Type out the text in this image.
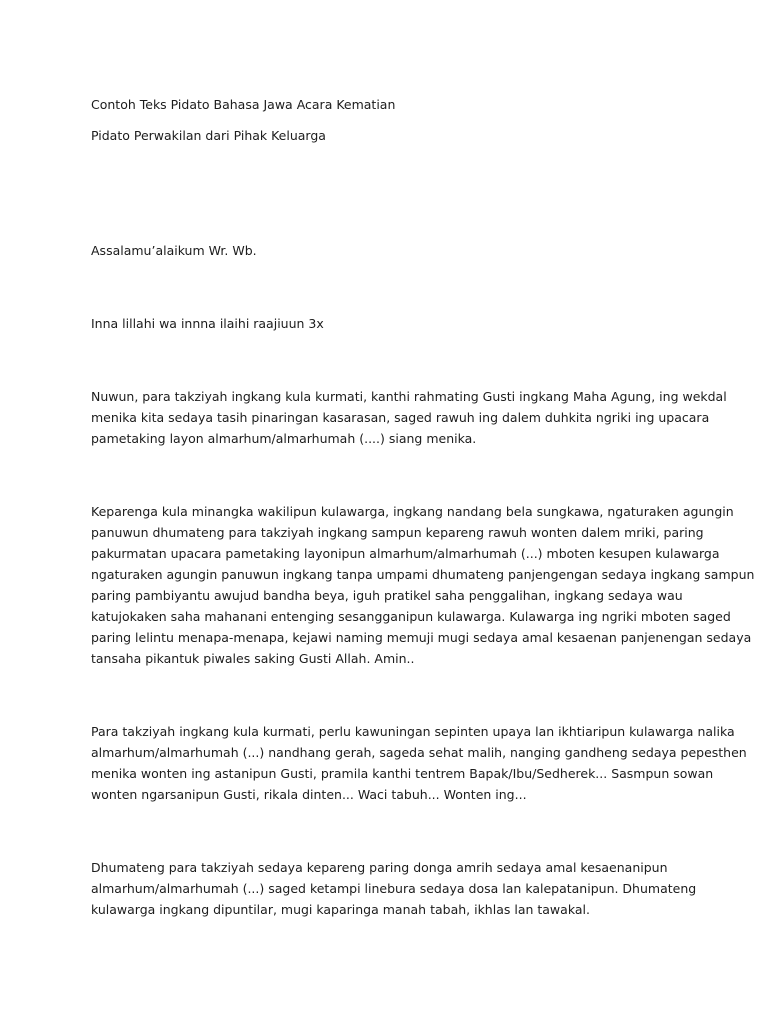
Contoh Teks Pidato Bahasa Jawa Acara Kematian

Pidato Perwakilan dari Pihak Keluarga

Assalamu’alaikum Wr. Wb.

Inna lillahi wa innna ilaihi raajiuun 3x

Nuwun, para takziyah ingkang kula kurmati, kanthi rahmating Gusti ingkang Maha Agung, ing wekdal
menika kita sedaya tasih pinaringan kasarasan, saged rawuh ing dalem duhkita ngriki ing upacara
pametaking layon almarhum/almarhumah (....) siang menika.

Keparenga kula minangka wakilipun kulawarga, ingkang nandang bela sungkawa, ngaturaken agungin
panuwun dhumateng para takziyah ingkang sampun kepareng rawuh wonten dalem mriki, paring
pakurmatan upacara pametaking layonipun almarhum/almarhumah (...) mboten kesupen kulawarga
ngaturaken agungin panuwun ingkang tanpa umpami dhumateng panjengengan sedaya ingkang sampun
paring pambiyantu awujud bandha beya, iguh pratikel saha penggalihan, ingkang sedaya wau
katujokaken saha mahanani entenging sesangganipun kulawarga. Kulawarga ing ngriki mboten saged
paring lelintu menapa-menapa, kejawi naming memuji mugi sedaya amal kesaenan panjenengan sedaya
tansaha pikantuk piwales saking Gusti Allah. Amin..

Para takziyah ingkang kula kurmati, perlu kawuningan sepinten upaya lan ikhtiaripun kulawarga nalika
almarhum/almarhumah (...) nandhang gerah, sageda sehat malih, nanging gandheng sedaya pepesthen
menika wonten ing astanipun Gusti, pramila kanthi tentrem Bapak/Ibu/Sedherek... Sasmpun sowan
wonten ngarsanipun Gusti, rikala dinten... Waci tabuh... Wonten ing...

Dhumateng para takziyah sedaya kepareng paring donga amrih sedaya amal kesaenanipun
almarhum/almarhumah (...) saged ketampi linebura sedaya dosa lan kalepatanipun. Dhumateng
kulawarga ingkang dipuntilar, mugi kaparinga manah tabah, ikhlas lan tawakal.
